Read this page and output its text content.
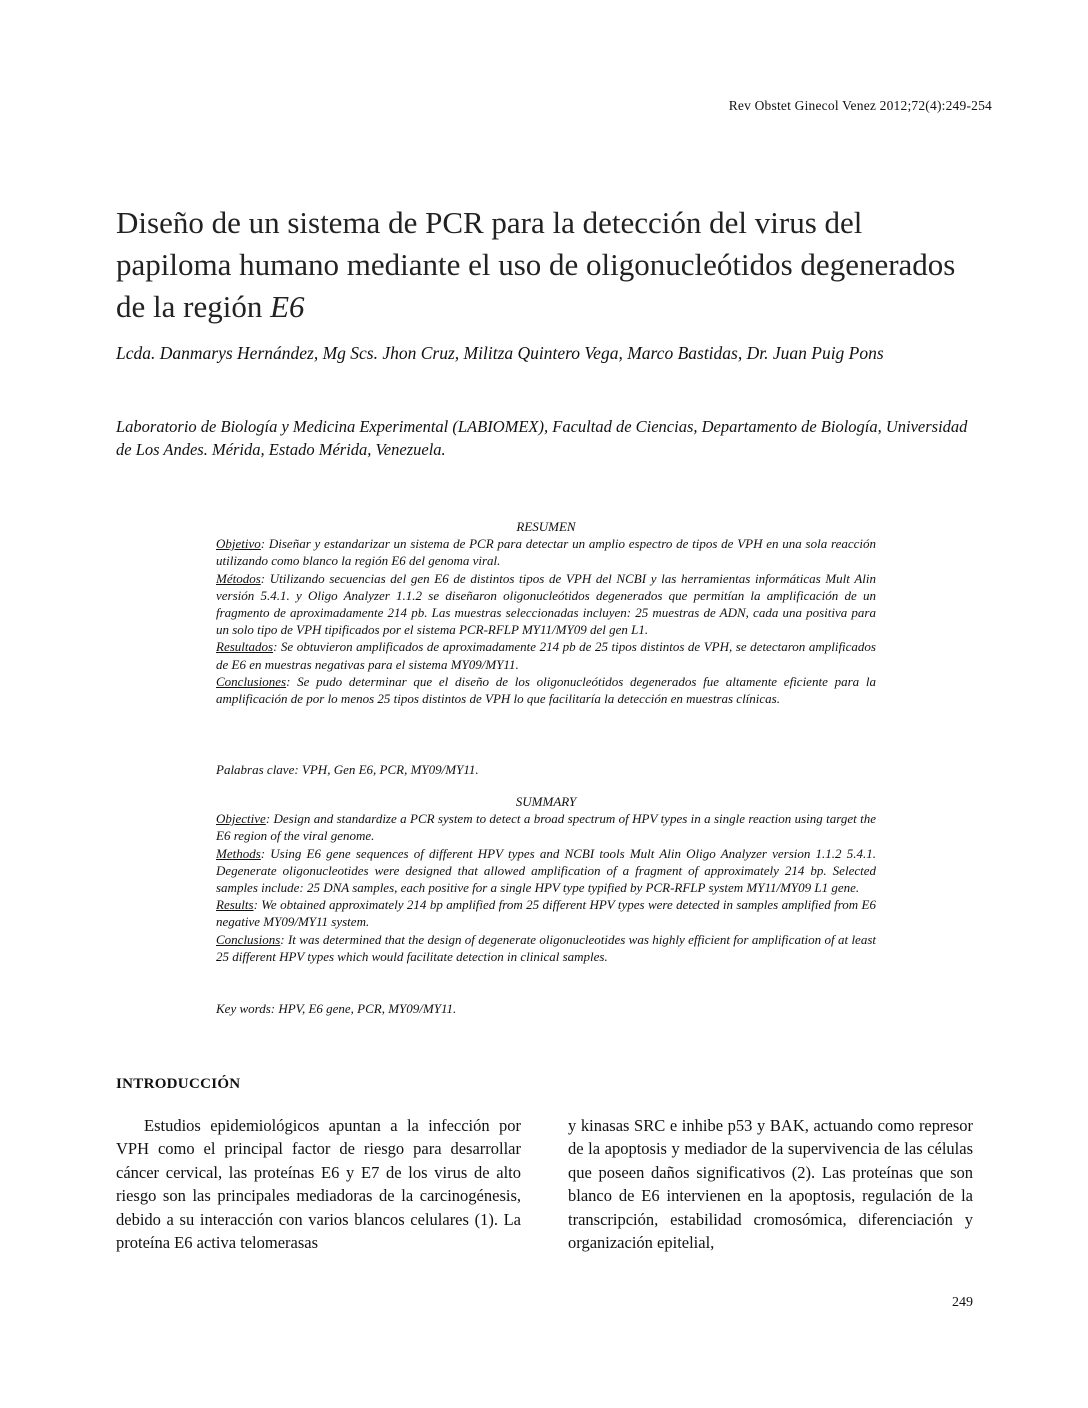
Rev Obstet Ginecol Venez 2012;72(4):249-254
Diseño de un sistema de PCR para la detección del virus del papiloma humano mediante el uso de oligonucleótidos degenerados de la región E6
Lcda. Danmarys Hernández, Mg Scs. Jhon Cruz, Militza Quintero Vega, Marco Bastidas, Dr. Juan Puig Pons
Laboratorio de Biología y Medicina Experimental (LABIOMEX), Facultad de Ciencias, Departamento de Biología, Universidad de Los Andes. Mérida, Estado Mérida, Venezuela.

RESUMEN

Objetivo: Diseñar y estandarizar un sistema de PCR para detectar un amplio espectro de tipos de VPH en una sola reacción utilizando como blanco la región E6 del genoma viral.

Métodos: Utilizando secuencias del gen E6 de distintos tipos de VPH del NCBI y las herramientas informáticas Mult Alin versión 5.4.1. y Oligo Analyzer 1.1.2 se diseñaron oligonucleótidos degenerados que permitían la amplificación de un fragmento de aproximadamente 214 pb. Las muestras seleccionadas incluyen: 25 muestras de ADN, cada una positiva para un solo tipo de VPH tipificados por el sistema PCR-RFLP MY11/MY09 del gen L1.

Resultados: Se obtuvieron amplificados de aproximadamente 214 pb de 25 tipos distintos de VPH, se detectaron amplificados de E6 en muestras negativas para el sistema MY09/MY11.

Conclusiones: Se pudo determinar que el diseño de los oligonucleótidos degenerados fue altamente eficiente para la amplificación de por lo menos 25 tipos distintos de VPH lo que facilitaría la detección en muestras clínicas.

Palabras clave: VPH, Gen E6, PCR, MY09/MY11.

SUMMARY

Objective: Design and standardize a PCR system to detect a broad spectrum of HPV types in a single reaction using target the E6 region of the viral genome.

Methods: Using E6 gene sequences of different HPV types and NCBI tools Mult Alin Oligo Analyzer version 1.1.2 5.4.1. Degenerate oligonucleotides were designed that allowed amplification of a fragment of approximately 214 bp. Selected samples include: 25 DNA samples, each positive for a single HPV type typified by PCR-RFLP system MY11/MY09 L1 gene.

Results: We obtained approximately 214 bp amplified from 25 different HPV types were detected in samples amplified from E6 negative MY09/MY11 system.

Conclusions: It was determined that the design of degenerate oligonucleotides was highly efficient for amplification of at least 25 different HPV types which would facilitate detection in clinical samples.

Key words: HPV, E6 gene, PCR, MY09/MY11.
INTRODUCCIÓN

Estudios epidemiológicos apuntan a la infección por VPH como el principal factor de riesgo para desarrollar cáncer cervical, las proteínas E6 y E7 de los virus de alto riesgo son las principales mediadoras de la carcinogénesis, debido a su interacción con varios blancos celulares (1). La proteína E6 activa telomerasas

y kinasas SRC e inhibe p53 y BAK, actuando como represor de la apoptosis y mediador de la supervivencia de las células que poseen daños significativos (2). Las proteínas que son blanco de E6 intervienen en la apoptosis, regulación de la transcripción, estabilidad cromosómica, diferenciación y organización epitelial,

249
